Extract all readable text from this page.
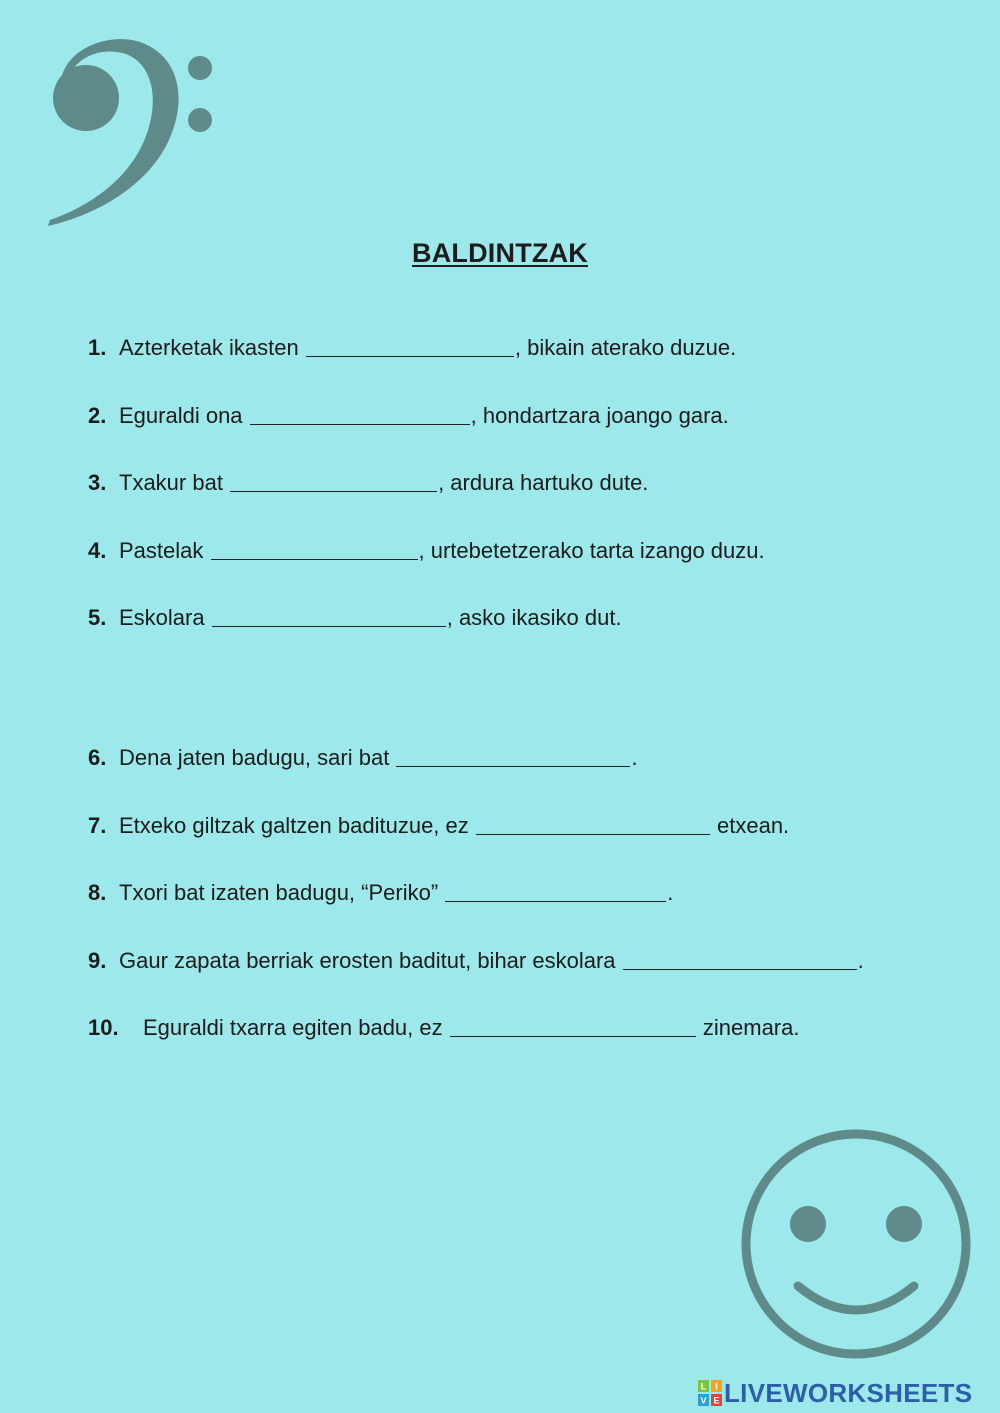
BALDINTZAK
1. Azterketak ikasten	, bikain aterako duzue.
2. Eguraldi ona	, hondartzara joango gara.
3. Txakur bat	, ardura hartuko dute.
4. Pastelak	, urtebetetzerako tarta izango duzu.
5. Eskolara	, asko ikasiko dut.
6. Dena jaten badugu, sari bat	.
7. Etxeko giltzak galtzen badituzue, ez	etxean.
8. Txori bat izaten badugu, “Periko”	.
9. Gaur zapata berriak erosten baditut, bihar eskolara	.
10. Eguraldi txarra egiten badu, ez	zinemara.
L I
V E LIVEWORKSHEETS
